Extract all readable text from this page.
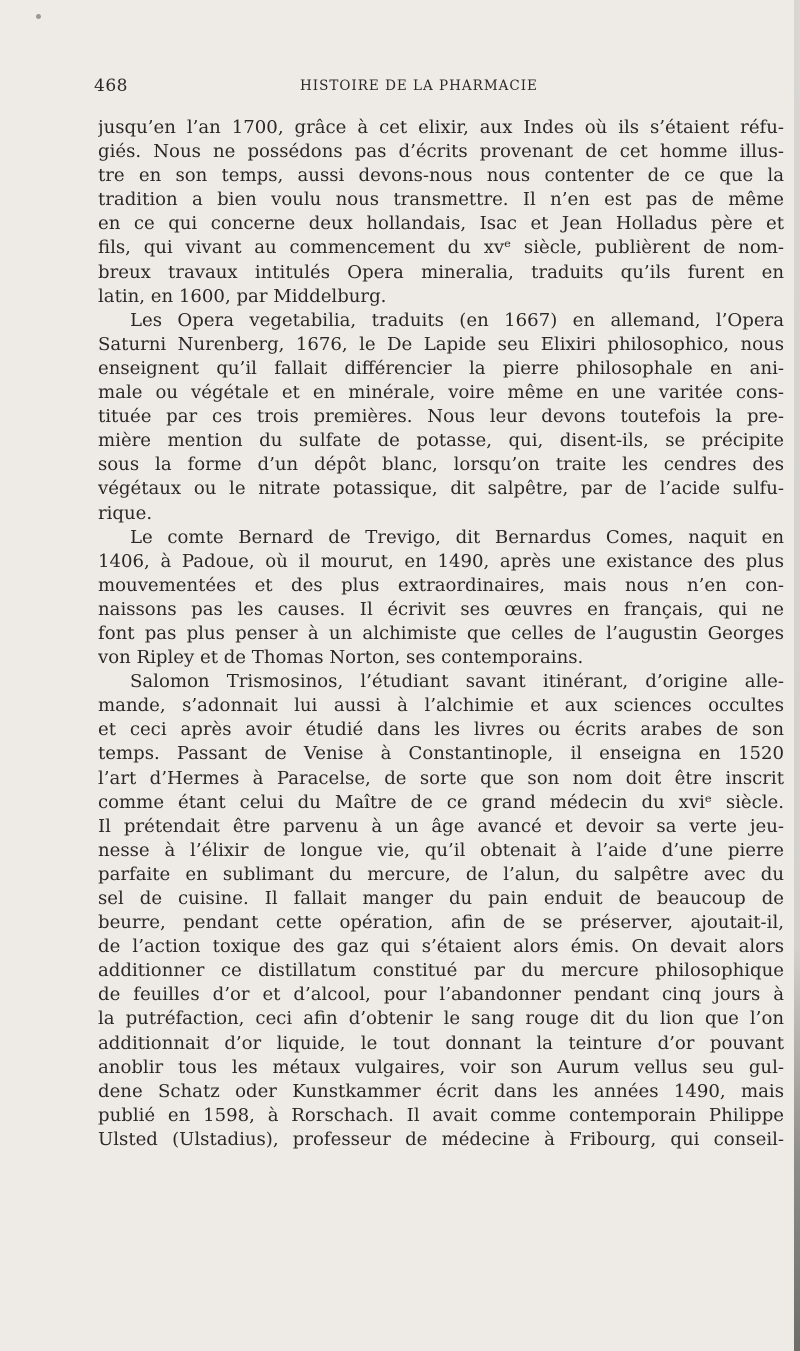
468	HISTOIRE DE LA PHARMACIE
jusqu’en l’an 1700, grâce à cet elixir, aux Indes où ils s’étaient réfu-
giés. Nous ne possédons pas d’écrits provenant de cet homme illus-
tre en son temps, aussi devons-nous nous contenter de ce que la
tradition a bien voulu nous transmettre. Il n’en est pas de même
en ce qui concerne deux hollandais, Isac et Jean Holladus père et
fils, qui vivant au commencement du xvᵉ siècle, publièrent de nom-
breux travaux intitulés Opera mineralia, traduits qu’ils furent en
latin, en 1600, par Middelburg.
Les Opera vegetabilia, traduits (en 1667) en allemand, l’Opera
Saturni Nurenberg, 1676, le De Lapide seu Elixiri philosophico, nous
enseignent qu’il fallait différencier la pierre philosophale en ani-
male ou végétale et en minérale, voire même en une varitée cons-
tituée par ces trois premières. Nous leur devons toutefois la pre-
mière mention du sulfate de potasse, qui, disent-ils, se précipite
sous la forme d’un dépôt blanc, lorsqu’on traite les cendres des
végétaux ou le nitrate potassique, dit salpêtre, par de l’acide sulfu-
rique.
Le comte Bernard de Trevigo, dit Bernardus Comes, naquit en
1406, à Padoue, où il mourut, en 1490, après une existance des plus
mouvementées et des plus extraordinaires, mais nous n’en con-
naissons pas les causes. Il écrivit ses œuvres en français, qui ne
font pas plus penser à un alchimiste que celles de l’augustin Georges
von Ripley et de Thomas Norton, ses contemporains.
Salomon Trismosinos, l’étudiant savant itinérant, d’origine alle-
mande, s’adonnait lui aussi à l’alchimie et aux sciences occultes
et ceci après avoir étudié dans les livres ou écrits arabes de son
temps. Passant de Venise à Constantinople, il enseigna en 1520
l’art d’Hermes à Paracelse, de sorte que son nom doit être inscrit
comme étant celui du Maître de ce grand médecin du xviᵉ siècle.
Il prétendait être parvenu à un âge avancé et devoir sa verte jeu-
nesse à l’élixir de longue vie, qu’il obtenait à l’aide d’une pierre
parfaite en sublimant du mercure, de l’alun, du salpêtre avec du
sel de cuisine. Il fallait manger du pain enduit de beaucoup de
beurre, pendant cette opération, afin de se préserver, ajoutait-il,
de l’action toxique des gaz qui s’étaient alors émis. On devait alors
additionner ce distillatum constitué par du mercure philosophique
de feuilles d’or et d’alcool, pour l’abandonner pendant cinq jours à
la putréfaction, ceci afin d’obtenir le sang rouge dit du lion que l’on
additionnait d’or liquide, le tout donnant la teinture d’or pouvant
anoblir tous les métaux vulgaires, voir son Aurum vellus seu gul-
dene Schatz oder Kunstkammer écrit dans les années 1490, mais
publié en 1598, à Rorschach. Il avait comme contemporain Philippe
Ulsted (Ulstadius), professeur de médecine à Fribourg, qui conseil-
